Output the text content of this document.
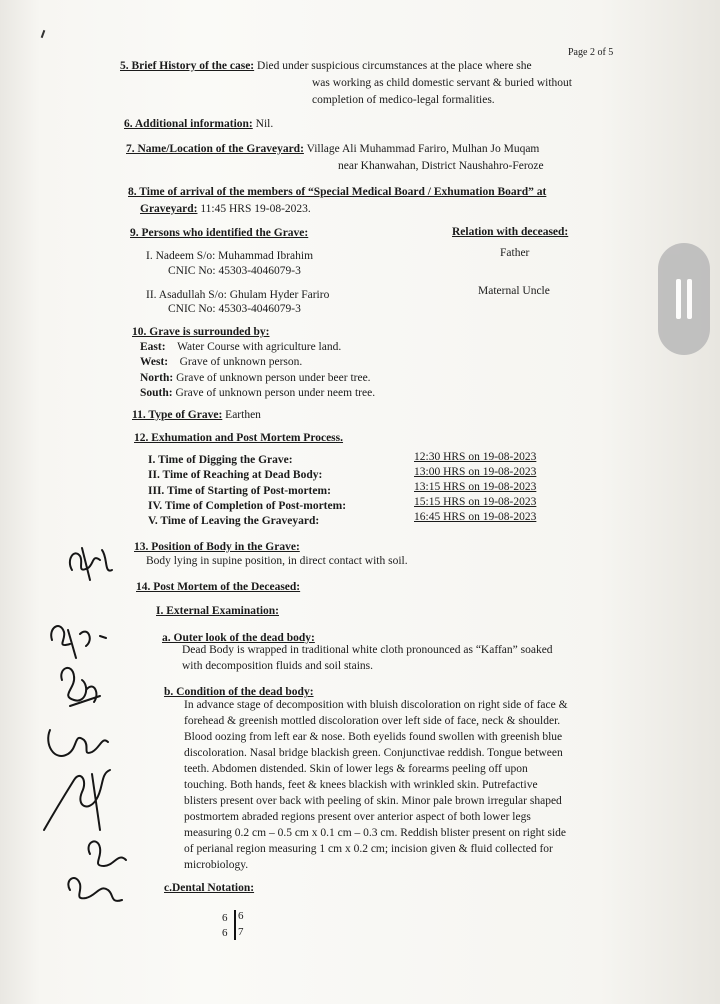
Page 2 of 5
5. Brief History of the case: Died under suspicious circumstances at the place where she
was working as child domestic servant & buried without
completion of medico-legal formalities.
6. Additional information: Nil.
7. Name/Location of the Graveyard: Village Ali Muhammad Fariro, Mulhan Jo Muqam
near Khanwahan, District Naushahro-Feroze
8. Time of arrival of the members of “Special Medical Board / Exhumation Board” at
Graveyard: 11:45 HRS 19-08-2023.
9. Persons who identified the Grave:	Relation with deceased:
I. Nadeem S/o: Muhammad Ibrahim
CNIC No: 45303-4046079-3
Father
II. Asadullah S/o: Ghulam Hyder Fariro
CNIC No: 45303-4046079-3
Maternal Uncle
10. Grave is surrounded by:
East: Water Course with agriculture land.
West: Grave of unknown person.
North: Grave of unknown person under beer tree.
South: Grave of unknown person under neem tree.
11. Type of Grave: Earthen
12. Exhumation and Post Mortem Process.
I. Time of Digging the Grave:	12:30 HRS on 19-08-2023
II. Time of Reaching at Dead Body:	13:00 HRS on 19-08-2023
III. Time of Starting of Post-mortem:	13:15 HRS on 19-08-2023
IV. Time of Completion of Post-mortem:	15:15 HRS on 19-08-2023
V. Time of Leaving the Graveyard:	16:45 HRS on 19-08-2023
13. Position of Body in the Grave:
Body lying in supine position, in direct contact with soil.
14. Post Mortem of the Deceased:
I. External Examination:
a. Outer look of the dead body:
Dead Body is wrapped in traditional white cloth pronounced as “Kaffan” soaked
with decomposition fluids and soil stains.
b. Condition of the dead body:
In advance stage of decomposition with bluish discoloration on right side of face &
forehead & greenish mottled discoloration over left side of face, neck & shoulder.
Blood oozing from left ear & nose. Both eyelids found swollen with greenish blue
discoloration. Nasal bridge blackish green. Conjunctivae reddish. Tongue between
teeth. Abdomen distended. Skin of lower legs & forearms peeling off upon
touching. Both hands, feet & knees blackish with wrinkled skin. Putrefactive
blisters present over back with peeling of skin. Minor pale brown irregular shaped
postmortem abraded regions present over anterior aspect of both lower legs
measuring 0.2 cm – 0.5 cm x 0.1 cm – 0.3 cm. Reddish blister present on right side
of perianal region measuring 1 cm x 0.2 cm; incision given & fluid collected for
microbiology.
c.Dental Notation:
6 6
6 7
